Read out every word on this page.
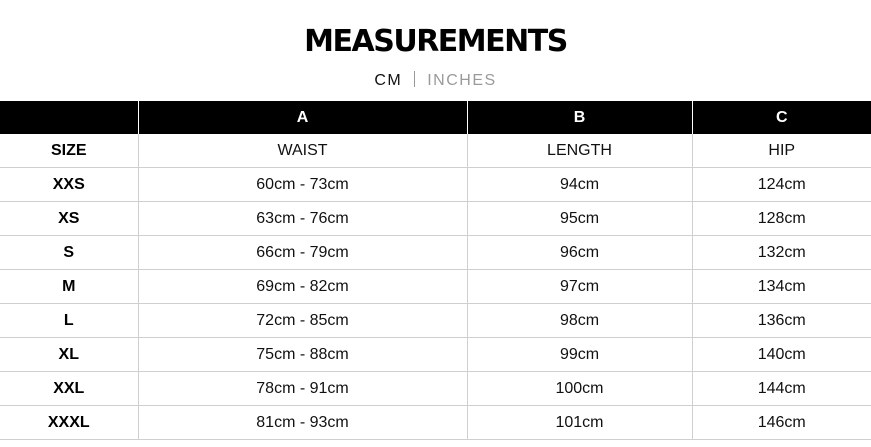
MEASUREMENTS
CM INCHES
	A	B	C
SIZE	WAIST	LENGTH	HIP
XXS	60cm - 73cm	94cm	124cm
XS	63cm - 76cm	95cm	128cm
S	66cm - 79cm	96cm	132cm
M	69cm - 82cm	97cm	134cm
L	72cm - 85cm	98cm	136cm
XL	75cm - 88cm	99cm	140cm
XXL	78cm - 91cm	100cm	144cm
XXXL	81cm - 93cm	101cm	146cm
